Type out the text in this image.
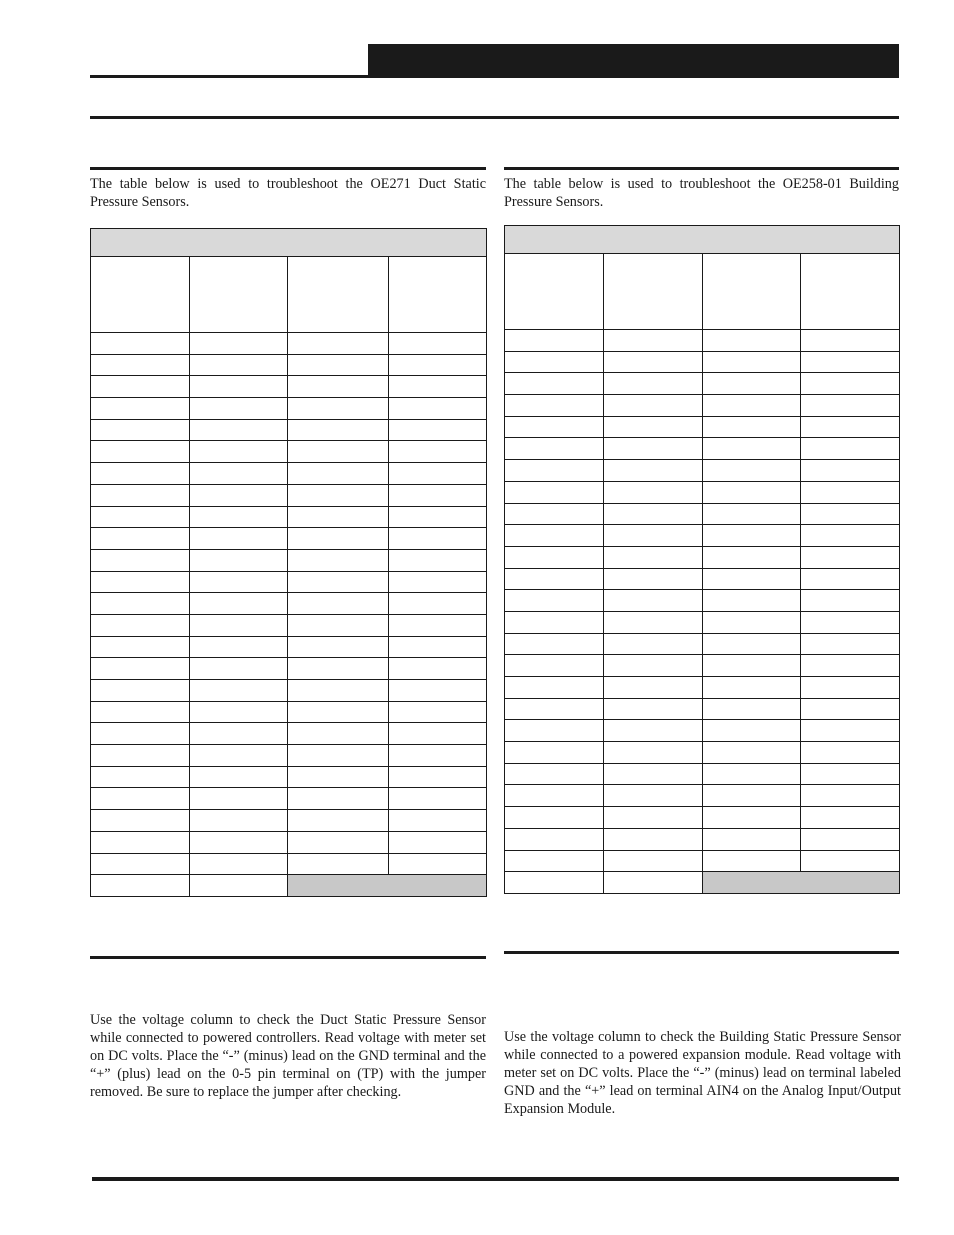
The table below is used to troubleshoot the OE271 Duct Static Pressure Sensors.

Use the voltage column to check the Duct Static Pressure Sensor while connected to powered controllers. Read voltage with meter set on DC volts. Place the “-” (minus) lead on the GND terminal and the “+” (plus) lead on the 0-5 pin terminal on (TP) with the jumper removed. Be sure to replace the jumper after checking.

The table below is used to troubleshoot the OE258-01 Building Pressure Sensors.

Use the voltage column to check the Building Static Pressure Sensor while connected to a powered expansion module. Read voltage with meter set on DC volts. Place the “-” (minus) lead on terminal labeled GND and the “+” lead on terminal AIN4 on the Analog Input/Output Expansion Module.
